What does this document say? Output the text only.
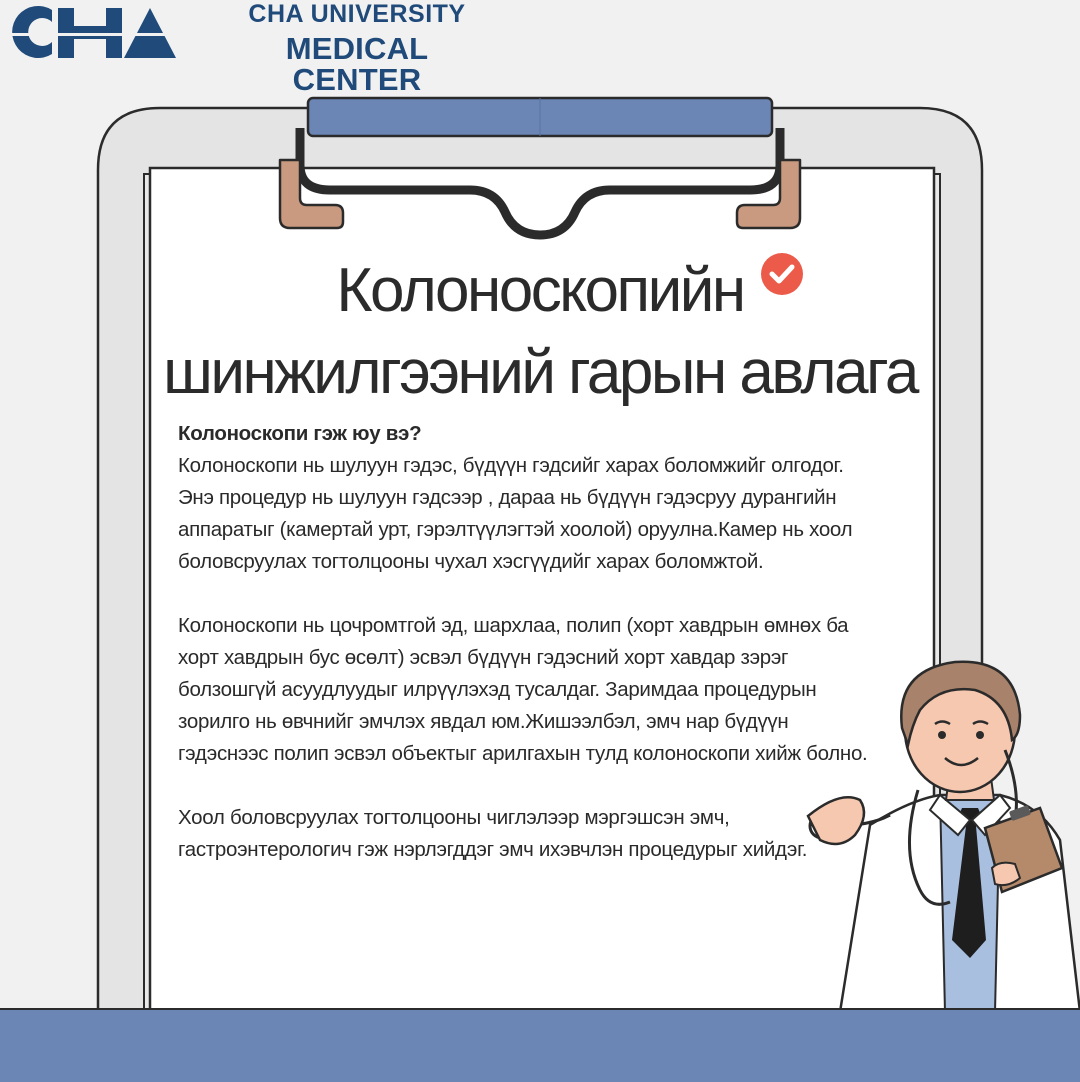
CHA UNIVERSITY
MEDICAL CENTER
Колоноскопийн
шинжилгээний гарын авлага
Колоноскопи гэж юу вэ?
Колоноскопи нь шулуун гэдэс, бүдүүн гэдсийг харах боломжийг олгодог. Энэ процедур нь шулуун гэдсээр , дараа нь бүдүүн гэдэсруу дурангийн аппаратыг (камертай урт, гэрэлтүүлэгтэй хоолой) оруулна.Камер нь хоол боловсруулах тогтолцооны чухал хэсгүүдийг харах боломжтой.
Колоноскопи нь цочромтгой эд, шархлаа, полип (хорт хавдрын өмнөх ба хорт хавдрын бус өсөлт) эсвэл бүдүүн гэдэсний хорт хавдар зэрэг болзошгүй асуудлуудыг илрүүлэхэд тусалдаг. Заримдаа процедурын зорилго нь өвчнийг эмчлэх явдал юм.Жишээлбэл, эмч нар бүдүүн гэдэснээс полип эсвэл объектыг арилгахын тулд колоноскопи хийж болно.
Хоол боловсруулах тогтолцооны чиглэлээр мэргэшсэн эмч, гастроэнтерологич гэж нэрлэгддэг эмч ихэвчлэн процедурыг хийдэг.
